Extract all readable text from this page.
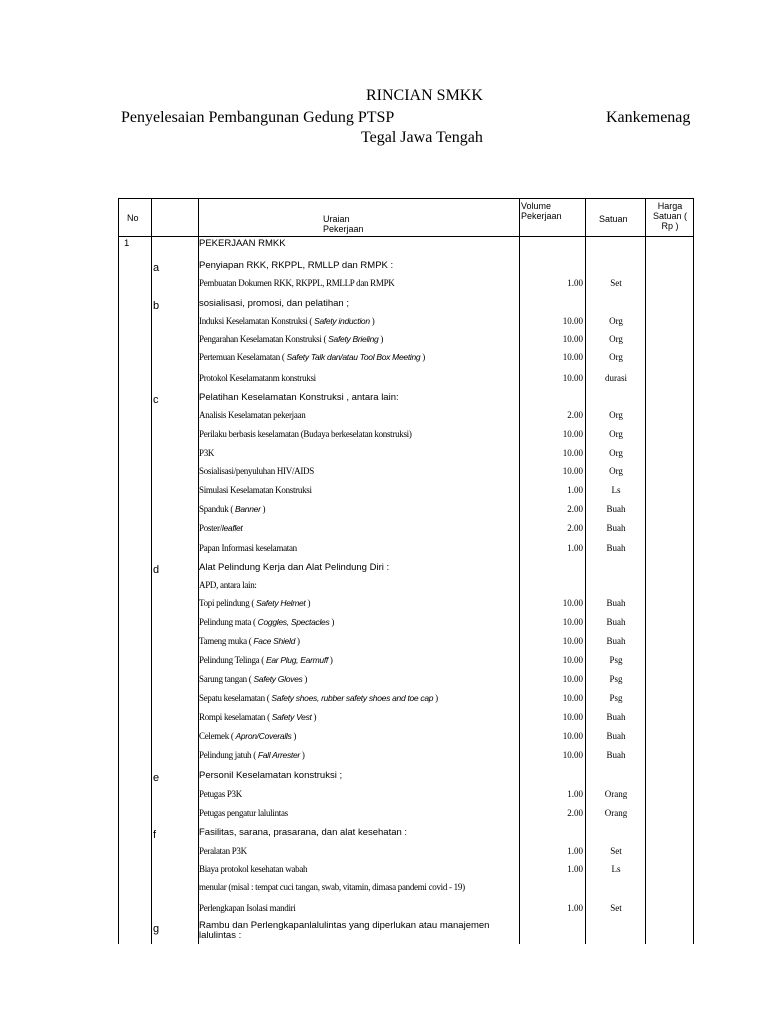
RINCIAN SMKK
Penyelesaian Pembangunan Gedung PTSP	Kankemenag
Tegal Jawa Tengah
No	Uraian Pekerjaan
Volume Pekerjaan	Satuan
Harga Satuan ( Rp )
1	PEKERJAAN RMKK
a	Penyiapan RKK, RKPPL, RMLLP dan RMPK :
Pembuatan Dokumen RKK, RKPPL, RMLLP dan RMPK	1.00	Set
b	sosialisasi, promosi, dan pelatihan ;
Induksi Keselamatan Konstruksi ( Safety induction )	10.00	Org
Pengarahan Keselamatan Konstruksi ( Safety Brieling )	10.00	Org
Pertemuan Keselamatan ( Safety Talk dan/atau Tool Box Meeting )	10.00	Org
Protokol Keselamatanm konstruksi	10.00	durasi
c	Pelatihan Keselamatan Konstruksi , antara lain:
Analisis Keselamatan pekerjaan	2.00	Org
Perilaku berbasis keselamatan (Budaya berkeselatan konstruksi)	10.00	Org
P3K	10.00	Org
Sosialisasi/penyuluhan HIV/AIDS	10.00	Org
Simulasi Keselamatan Konstruksi	1.00	Ls
Spanduk ( Banner )	2.00	Buah
Poster/leaflet	2.00	Buah
Papan Informasi keselamatan	1.00	Buah
d	Alat Pelindung Kerja dan Alat Pelindung Diri :
APD, antara lain:
Topi pelindung ( Safety Helmet )	10.00	Buah
Pelindung mata ( Coggles, Spectacles )	10.00	Buah
Tameng muka ( Face Shield )	10.00	Buah
Pelindung Telinga ( Ear Plug, Earmuff )	10.00	Psg
Sarung tangan ( Safety Gloves )	10.00	Psg
Sepatu keselamatan ( Safety shoes, rubber safety shoes and toe cap )	10.00	Psg
Rompi keselamatan ( Safety Vest )	10.00	Buah
Celemek ( Apron/Coveralls )	10.00	Buah
Pelindung jatuh ( Fall Arrester )	10.00	Buah
e	Personil Keselamatan konstruksi ;
Petugas P3K	1.00	Orang
Petugas pengatur lalulintas	2.00	Orang
f	Fasilitas, sarana, prasarana, dan alat kesehatan :
Peralatan P3K	1.00	Set
Biaya protokol kesehatan wabah	1.00	Ls
menular (misal : tempat cuci tangan, swab, vitamin, dimasa pandemi covid - 19)
Perlengkapan Isolasi mandiri	1.00	Set
g	Rambu dan Perlengkapanlalulintas yang diperlukan atau manajemen
lalulintas :
